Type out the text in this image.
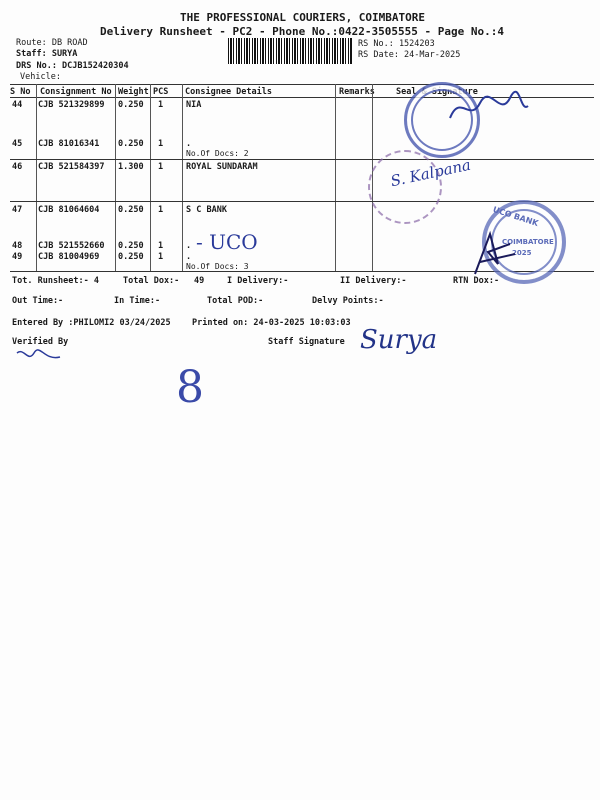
THE PROFESSIONAL COURIERS, COIMBATORE
Delivery Runsheet - PC2 - Phone No.:0422-3505555 - Page No.:4
Route: DB ROAD
Staff: SURYA
DRS No.: DCJB152420304
Vehicle:
RS No.: 1524203
RS Date: 24-Mar-2025
S No Consignment No Weight PCS Consignee Details	Remarks Seal & Signature
44 CJB 521329899 0.250 1	NIA
45 CJB 81016341 0.250 1	.
No.Of Docs: 2
46 CJB 521584397 1.300 1	ROYAL SUNDARAM
47 CJB 81064604 0.250 1	S C BANK
48 CJB 521552660 0.250 1	.
49 CJB 81004969 0.250 1	.
No.Of Docs: 3
Tot. Runsheet:- 4	Total Dox:- 49	I Delivery:-	II Delivery:-	RTN Dox:-
Out Time:-	In Time:-	Total POD:-	Delvy Points:-
Entered By :PHILOMI2 03/24/2025	Printed on: 24-03-2025 10:03:03
Verified By	Staff Signature
UCO BANK
COIMBATORE
2025
S. Kalpana
- UCO
Surya
8
